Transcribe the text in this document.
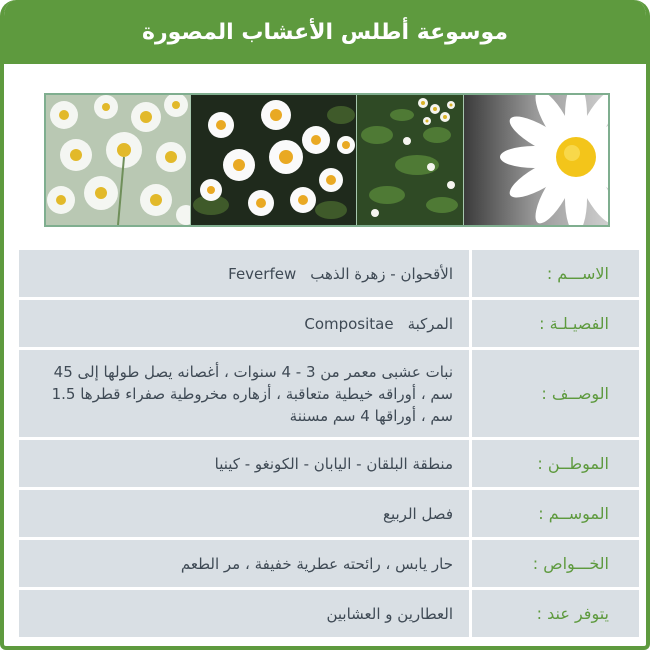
موسوعة أطلس الأعشاب المصورة
الاســـم :
الأقحوان - زهرة الذهب
Feverfew
الفصيـلـة :
المركبة
Compositae
الوصــف :
نبات عشبى معمر من 3 - 4 سنوات ، أغصانه يصل طولها إلى 45 سم ، أوراقه خيطية متعاقبة ، أزهاره مخروطية صفراء قطرها 1.5 سم ، أوراقها 4 سم مسننة
الموطــن :
منطقة البلقان - اليابان - الكونغو - كينيا
الموســم :
فصل الربيع
الخـــواص :
حار يابس ، رائحته عطرية خفيفة ، مر الطعم
يتوفر عند :
العطارين و العشابين
